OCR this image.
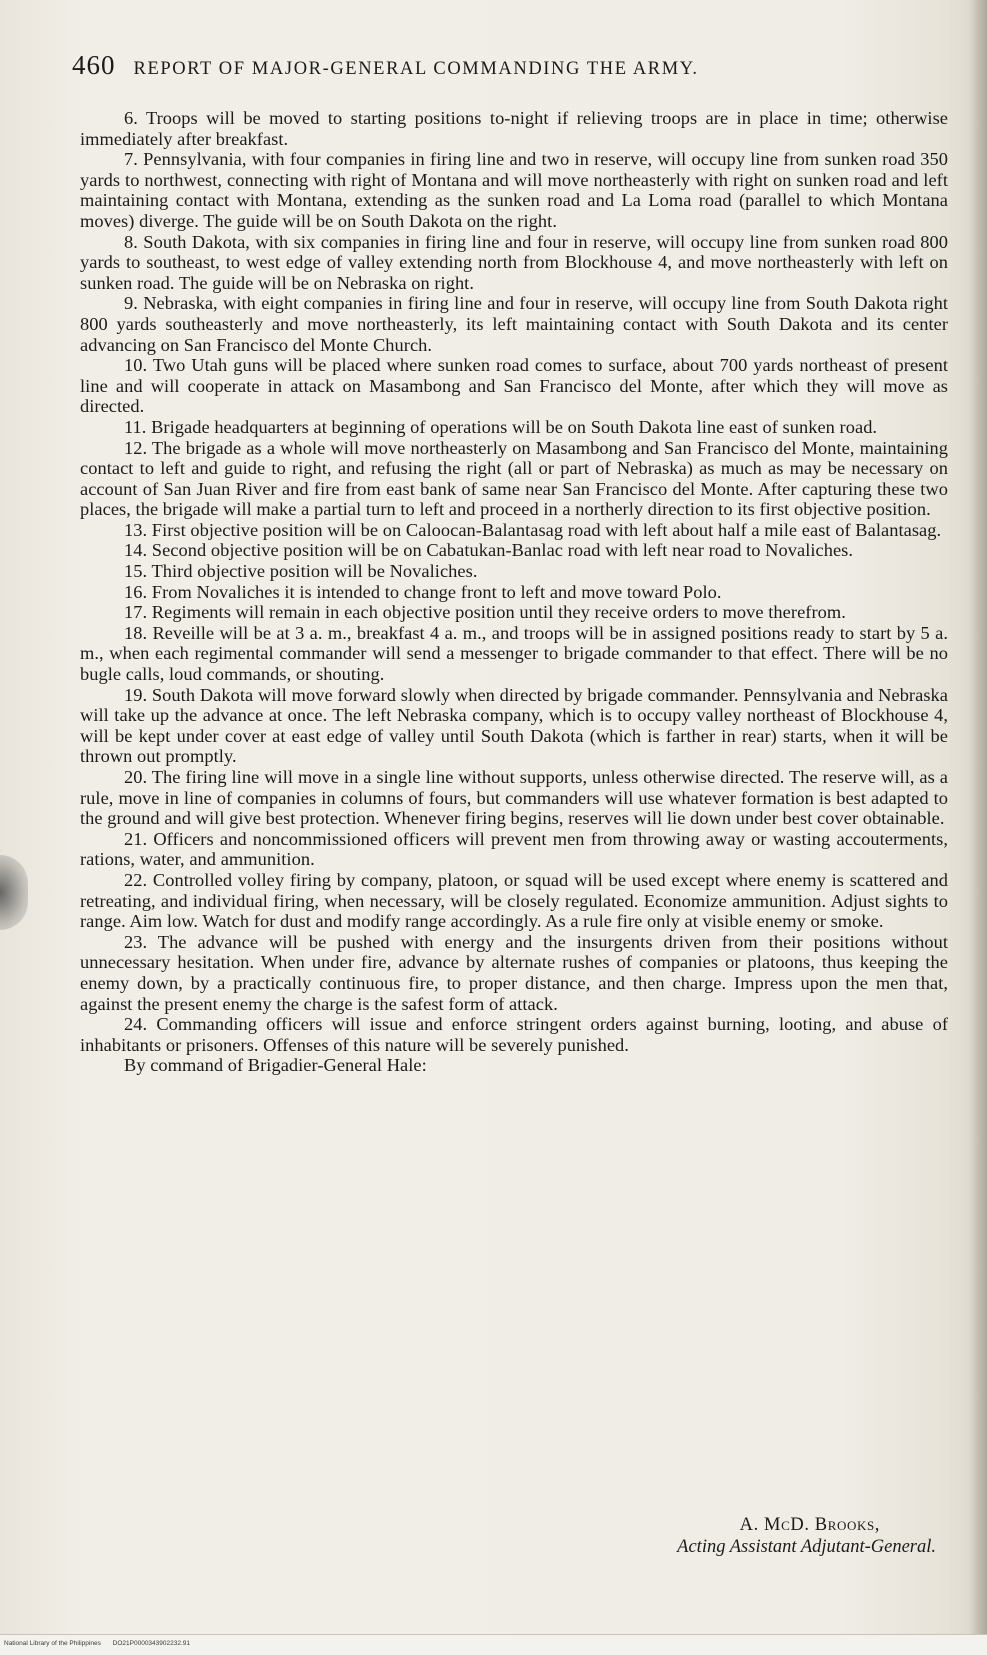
460 REPORT OF MAJOR-GENERAL COMMANDING THE ARMY.

6. Troops will be moved to starting positions to-night if relieving troops are in place in time; otherwise immediately after breakfast.

7. Pennsylvania, with four companies in firing line and two in reserve, will occupy line from sunken road 350 yards to northwest, connecting with right of Montana and will move northeasterly with right on sunken road and left maintaining contact with Montana, extending as the sunken road and La Loma road (parallel to which Montana moves) diverge. The guide will be on South Dakota on the right.

8. South Dakota, with six companies in firing line and four in reserve, will occupy line from sunken road 800 yards to southeast, to west edge of valley extending north from Blockhouse 4, and move northeasterly with left on sunken road. The guide will be on Nebraska on right.

9. Nebraska, with eight companies in firing line and four in reserve, will occupy line from South Dakota right 800 yards southeasterly and move northeasterly, its left maintaining contact with South Dakota and its center advancing on San Francisco del Monte Church.

10. Two Utah guns will be placed where sunken road comes to surface, about 700 yards northeast of present line and will cooperate in attack on Masambong and San Francisco del Monte, after which they will move as directed.

11. Brigade headquarters at beginning of operations will be on South Dakota line east of sunken road.

12. The brigade as a whole will move northeasterly on Masambong and San Francisco del Monte, maintaining contact to left and guide to right, and refusing the right (all or part of Nebraska) as much as may be necessary on account of San Juan River and fire from east bank of same near San Francisco del Monte. After capturing these two places, the brigade will make a partial turn to left and proceed in a northerly direction to its first objective position.

13. First objective position will be on Caloocan-Balantasag road with left about half a mile east of Balantasag.

14. Second objective position will be on Cabatukan-Banlac road with left near road to Novaliches.

15. Third objective position will be Novaliches.

16. From Novaliches it is intended to change front to left and move toward Polo.

17. Regiments will remain in each objective position until they receive orders to move therefrom.

18. Reveille will be at 3 a. m., breakfast 4 a. m., and troops will be in assigned positions ready to start by 5 a. m., when each regimental commander will send a messenger to brigade commander to that effect. There will be no bugle calls, loud commands, or shouting.

19. South Dakota will move forward slowly when directed by brigade commander. Pennsylvania and Nebraska will take up the advance at once. The left Nebraska company, which is to occupy valley northeast of Blockhouse 4, will be kept under cover at east edge of valley until South Dakota (which is farther in rear) starts, when it will be thrown out promptly.

20. The firing line will move in a single line without supports, unless otherwise directed. The reserve will, as a rule, move in line of companies in columns of fours, but commanders will use whatever formation is best adapted to the ground and will give best protection. Whenever firing begins, reserves will lie down under best cover obtainable.

21. Officers and noncommissioned officers will prevent men from throwing away or wasting accouterments, rations, water, and ammunition.

22. Controlled volley firing by company, platoon, or squad will be used except where enemy is scattered and retreating, and individual firing, when necessary, will be closely regulated. Economize ammunition. Adjust sights to range. Aim low. Watch for dust and modify range accordingly. As a rule fire only at visible enemy or smoke.

23. The advance will be pushed with energy and the insurgents driven from their positions without unnecessary hesitation. When under fire, advance by alternate rushes of companies or platoons, thus keeping the enemy down, by a practically continuous fire, to proper distance, and then charge. Impress upon the men that, against the present enemy the charge is the safest form of attack.

24. Commanding officers will issue and enforce stringent orders against burning, looting, and abuse of inhabitants or prisoners. Offenses of this nature will be severely punished.

By command of Brigadier-General Hale:

A. McD. Brooks,
Acting Assistant Adjutant-General.
National Library of the Philippines DO21P0000343902232.91
